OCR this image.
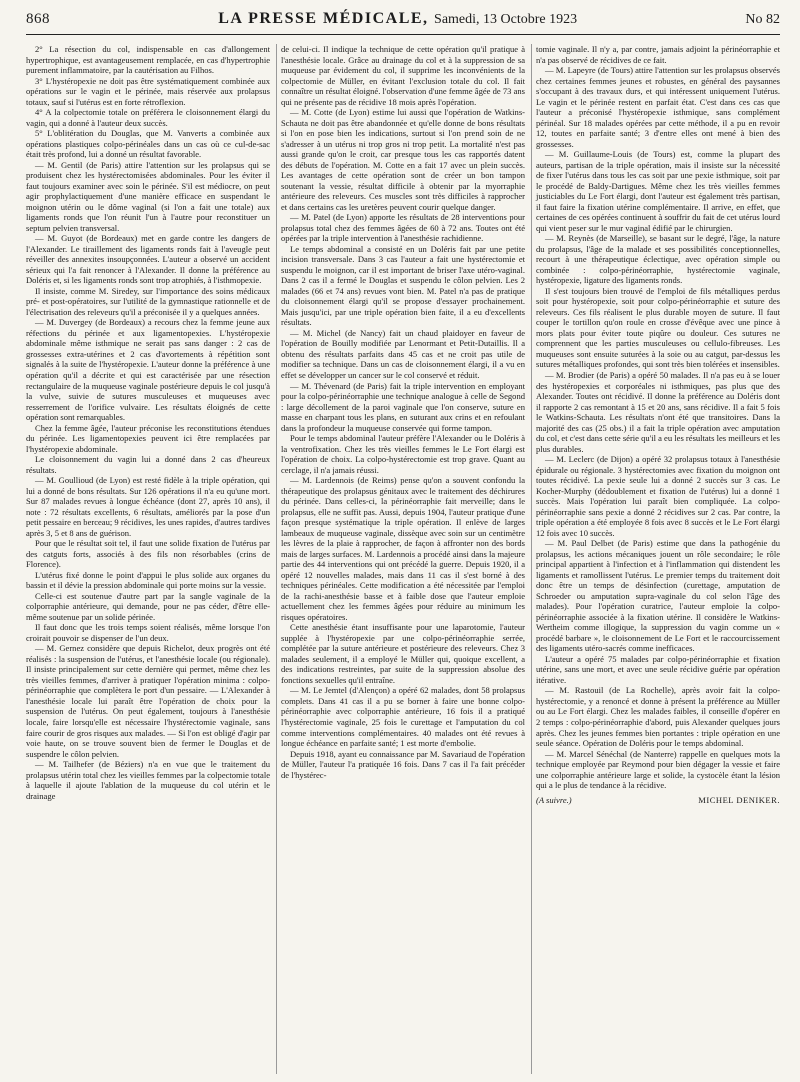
868	LA PRESSE MÉDICALE, Samedi, 13 Octobre 1923	No 82

2° La résection du col, indispensable en cas d'allongement hypertrophique, est avantageusement remplacée, en cas d'hypertrophie purement inflammatoire, par la cautérisation au Filhos.

3° L'hystéropexie ne doit pas être systématiquement combinée aux opérations sur le vagin et le périnée, mais réservée aux prolapsus totaux, sauf si l'utérus est en forte rétroflexion.

4° A la colpectomie totale on préférera le cloisonnement élargi du vagin, qui a donné à l'auteur deux succès.

5° L'oblitération du Douglas, que M. Vanverts a combinée aux opérations plastiques colpo-périnéales dans un cas où ce cul-de-sac était très profond, lui a donné un résultat favorable.

— M. Gentil (de Paris) attire l'attention sur les prolapsus qui se produisent chez les hystérectomisées abdominales. Pour les éviter il faut toujours examiner avec soin le périnée. S'il est médiocre, on peut agir prophylactiquement d'une manière efficace en suspendant le moignon utérin ou le dôme vaginal (si l'on a fait une totale) aux ligaments ronds que l'on réunit l'un à l'autre pour reconstituer un septum pelvien transversal.

— M. Guyot (de Bordeaux) met en garde contre les dangers de l'Alexander. Le tiraillement des ligaments ronds fait à l'aveugle peut réveiller des annexites insoupçonnées. L'auteur a observé un accident sérieux qui l'a fait renoncer à l'Alexander. Il donne la préférence au Doléris et, si les ligaments ronds sont trop atrophiés, à l'isthmopexie.

Il insiste, comme M. Siredey, sur l'importance des soins médicaux pré- et post-opératoires, sur l'utilité de la gymnastique rationnelle et de l'électrisation des releveurs qu'il a préconisée il y a quelques années.

— M. Duvergey (de Bordeaux) a recours chez la femme jeune aux réfections du périnée et aux ligamentopexies. L'hystéropexie abdominale même isthmique ne serait pas sans danger : 2 cas de grossesses extra-utérines et 2 cas d'avortements à répétition sont signalés à la suite de l'hystéropexie. L'auteur donne la préférence à une opération qu'il a décrite et qui est caractérisée par une résection rectangulaire de la muqueuse vaginale postérieure depuis le col jusqu'à la vulve, suivie de sutures musculeuses et muqueuses avec resserrement de l'orifice vulvaire. Les résultats éloignés de cette opération sont remarquables.

Chez la femme âgée, l'auteur préconise les reconstitutions étendues du périnée. Les ligamentopexies peuvent ici être remplacées par l'hystéropexie abdominale.

Le cloisonnement du vagin lui a donné dans 2 cas d'heureux résultats.

— M. Goullioud (de Lyon) est resté fidèle à la triple opération, qui lui a donné de bons résultats. Sur 126 opérations il n'a eu qu'une mort. Sur 87 malades revues à longue échéance (dont 27, après 10 ans), il note : 72 résultats excellents, 6 résultats, améliorés par la pose d'un petit pessaire en berceau; 9 récidives, les unes rapides, d'autres tardives après 3, 5 et 8 ans de guérison.

Pour que le résultat soit tel, il faut une solide fixation de l'utérus par des catguts forts, associés à des fils non résorbables (crins de Florence).

L'utérus fixé donne le point d'appui le plus solide aux organes du bassin et il dévie la pression abdominale qui porte moins sur la vessie.

Celle-ci est soutenue d'autre part par la sangle vaginale de la colporraphie antérieure, qui demande, pour ne pas céder, d'être elle-même soutenue par un solide périnée.

Il faut donc que les trois temps soient réalisés, même lorsque l'on croirait pouvoir se dispenser de l'un deux.

— M. Gernez considère que depuis Richelot, deux progrès ont été réalisés : la suspension de l'utérus, et l'anesthésie locale (ou régionale). Il insiste principalement sur cette dernière qui permet, même chez les très vieilles femmes, d'arriver à pratiquer l'opération minima : colpo-périnéorraphie que complètera le port d'un pessaire. — L'Alexander à l'anesthésie locale lui paraît être l'opération de choix pour la suspension de l'utérus. On peut également, toujours à l'anesthésie locale, faire lorsqu'elle est nécessaire l'hystérectomie vaginale, sans faire courir de gros risques aux malades. — Si l'on est obligé d'agir par voie haute, on se trouve souvent bien de fermer le Douglas et de suspendre le côlon pelvien.

— M. Tailhefer (de Béziers) n'a en vue que le traitement du prolapsus utérin total chez les vieilles femmes par la colpectomie totale à laquelle il ajoute l'ablation de la muqueuse du col utérin et le drainage

de celui-ci. Il indique la technique de cette opération qu'il pratique à l'anesthésie locale. Grâce au drainage du col et à la suppression de sa muqueuse par évidement du col, il supprime les inconvénients de la colpectomie de Müller, en évitant l'exclusion totale du col. Il fait connaître un résultat éloigné. l'observation d'une femme âgée de 73 ans qui ne présente pas de récidive 18 mois après l'opération.

— M. Cotte (de Lyon) estime lui aussi que l'opération de Watkins-Schauta ne doit pas être abandonnée et qu'elle donne de bons résultats si l'on en pose bien les indications, surtout si l'on prend soin de ne s'adresser à un utérus ni trop gros ni trop petit. La mortalité n'est pas aussi grande qu'on le croit, car presque tous les cas rapportés datent des débuts de l'opération. M. Cotte en a fait 17 avec un plein succès. Les avantages de cette opération sont de créer un bon tampon soutenant la vessie, résultat difficile à obtenir par la myorraphie antérieure des releveurs. Ces muscles sont très difficiles à rapprocher et dans certains cas les uretères peuvent courir quelque danger.

— M. Patel (de Lyon) apporte les résultats de 28 interventions pour prolapsus total chez des femmes âgées de 60 à 72 ans. Toutes ont été opérées par la triple intervention à l'anesthésie rachidienne.

Le temps abdominal a consisté en un Doléris fait par une petite incision transversale. Dans 3 cas l'auteur a fait une hystérectomie et suspendu le moignon, car il est important de briser l'axe utéro-vaginal. Dans 2 cas il a fermé le Douglas et suspendu le côlon pelvien. Les 2 malades (66 et 74 ans) revues vont bien. M. Patel n'a pas de pratique du cloisonnement élargi qu'il se propose d'essayer prochainement. Mais jusqu'ici, par une triple opération bien faite, il a eu d'excellents résultats.

— M. Michel (de Nancy) fait un chaud plaidoyer en faveur de l'opération de Bouilly modifiée par Lenormant et Petit-Dutaillis. Il a obtenu des résultats parfaits dans 45 cas et ne croit pas utile de modifier sa technique. Dans un cas de cloisonnement élargi, il a vu en effet se développer un cancer sur le col conservé et réduit.

— M. Thévenard (de Paris) fait la triple intervention en employant pour la colpo-périnéorraphie une technique analogue à celle de Segond : large décollement de la paroi vaginale que l'on conserve, suture en masse en charpant tous les plans, en suturant aux crins et en refoulant dans la profondeur la muqueuse conservée qui forme tampon.

Pour le temps abdominal l'auteur préfère l'Alexander ou le Doléris à la ventrofixation. Chez les très vieilles femmes le Le Fort élargi est l'opération de choix. La colpo-hystérectomie est trop grave. Quant au cerclage, il n'a jamais réussi.

— M. Lardennois (de Reims) pense qu'on a souvent confondu la thérapeutique des prolapsus génitaux avec le traitement des déchirures du périnée. Dans celles-ci, la périnéorraphie fait merveille; dans le prolapsus, elle ne suffit pas. Aussi, depuis 1904, l'auteur pratique d'une façon presque systématique la triple opération. Il enlève de larges lambeaux de muqueuse vaginale, dissèque avec soin sur un centimètre les lèvres de la plaie à rapprocher, de façon à affronter non des bords mais de larges surfaces. M. Lardennois a procédé ainsi dans la majeure partie des 44 interventions qui ont précédé la guerre. Depuis 1920, il a opéré 12 nouvelles malades, mais dans 11 cas il s'est borné à des techniques périnéales. Cette modification a été nécessitée par l'emploi de la rachi-anesthésie basse et à faible dose que l'auteur emploie actuellement chez les femmes âgées pour réduire au minimum les risques opératoires.

Cette anesthésie étant insuffisante pour une laparotomie, l'auteur supplée à l'hystéropexie par une colpo-périnéorraphie serrée, complétée par la suture antérieure et postérieure des releveurs. Chez 3 malades seulement, il a employé le Müller qui, quoique excellent, a des indications restreintes, par suite de la suppression absolue des fonctions sexuelles qu'il entraîne.

— M. Le Jemtel (d'Alençon) a opéré 62 malades, dont 58 prolapsus complets. Dans 41 cas il a pu se borner à faire une bonne colpo-périnéorraphie avec colporraphie antérieure, 16 fois il a pratiqué l'hystérectomie vaginale, 25 fois le curettage et l'amputation du col comme interventions complémentaires. 40 malades ont été revues à longue échéance en parfaite santé; 1 est morte d'embolie.

Depuis 1918, ayant eu connaissance par M. Savariaud de l'opération de Müller, l'auteur l'a pratiquée 16 fois. Dans 7 cas il l'a fait précéder de l'hystérec-

tomie vaginale. Il n'y a, par contre, jamais adjoint la périnéorraphie et n'a pas observé de récidives de ce fait.

— M. Lapeyre (de Tours) attire l'attention sur les prolapsus observés chez certaines femmes jeunes et robustes, en général des paysannes s'occupant à des travaux durs, et qui intéressent uniquement l'utérus. Le vagin et le périnée restent en parfait état. C'est dans ces cas que l'auteur a préconisé l'hystéropexie isthmique, sans complément périnéal. Sur 18 malades opérées par cette méthode, il a pu en revoir 12, toutes en parfaite santé; 3 d'entre elles ont mené à bien des grossesses.

— M. Guillaume-Louis (de Tours) est, comme la plupart des auteurs, partisan de la triple opération, mais il insiste sur la nécessité de fixer l'utérus dans tous les cas soit par une pexie isthmique, soit par le procédé de Baldy-Dartigues. Même chez les très vieilles femmes justiciables du Le Fort élargi, dont l'auteur est également très partisan, il faut faire la fixation utérine complémentaire. Il arrive, en effet, que certaines de ces opérées continuent à souffrir du fait de cet utérus lourd qui vient peser sur le mur vaginal édifié par le chirurgien.

— M. Reynès (de Marseille), se basant sur le degré, l'âge, la nature du prolapsus, l'âge de la malade et ses possibilités conceptionnelles, recourt à une thérapeutique éclectique, avec opération simple ou combinée : colpo-périnéorraphie, hystérectomie vaginale, hystéropexie, ligature des ligaments ronds.

Il s'est toujours bien trouvé de l'emploi de fils métalliques perdus soit pour hystéropexie, soit pour colpo-périnéorraphie et suture des releveurs. Ces fils réalisent le plus durable moyen de suture. Il faut couper le tortillon qu'on roule en crosse d'évêque avec une pince à mors plats pour éviter toute piqûre ou douleur. Ces sutures ne comprennent que les parties musculeuses ou cellulo-fibreuses. Les muqueuses sont ensuite suturées à la soie ou au catgut, par-dessus les sutures métalliques profondes, qui sont très bien tolérées et insensibles.

— M. Brodier (de Paris) a opéré 50 malades. Il n'a pas eu à se louer des hystéropexies et corporéales ni isthmiques, pas plus que des Alexander. Toutes ont récidivé. Il donne la préférence au Doléris dont il rapporte 2 cas remontant à 15 et 20 ans, sans récidive. Il a fait 5 fois le Watkins-Schauta. Les résultats n'ont été que transitoires. Dans la majorité des cas (25 obs.) il a fait la triple opération avec amputation du col, et c'est dans cette série qu'il a eu les résultats les meilleurs et les plus durables.

— M. Leclerc (de Dijon) a opéré 32 prolapsus totaux à l'anesthésie épidurale ou régionale. 3 hystérectomies avec fixation du moignon ont toutes récidivé. La pexie seule lui a donné 2 succès sur 3 cas. Le Kocher-Murphy (dédoublement et fixation de l'utérus) lui a donné 1 succès. Mais l'opération lui paraît bien compliquée. La colpo-périnéorraphie sans pexie a donné 2 récidives sur 2 cas. Par contre, la triple opération a été employée 8 fois avec 8 succès et le Le Fort élargi 12 fois avec 10 succès.

— M. Paul Delbet (de Paris) estime que dans la pathogénie du prolapsus, les actions mécaniques jouent un rôle secondaire; le rôle principal appartient à l'infection et à l'inflammation qui distendent les ligaments et ramollissent l'utérus. Le premier temps du traitement doit donc être un temps de désinfection (curettage, amputation de Schroeder ou amputation supra-vaginale du col selon l'âge des malades). Pour l'opération curatrice, l'auteur emploie la colpo-périnéorraphie associée à la fixation utérine. Il considère le Watkins-Wertheim comme illogique, la suppression du vagin comme un « procédé barbare », le cloisonnement de Le Fort et le raccourcissement des ligaments utéro-sacrés comme inefficaces.

L'auteur a opéré 75 malades par colpo-périnéorraphie et fixation utérine, sans une mort, et avec une seule récidive guérie par opération itérative.

— M. Rastouil (de La Rochelle), après avoir fait la colpo-hystérectomie, y a renoncé et donne à présent la préférence au Müller ou au Le Fort élargi. Chez les malades faibles, il conseille d'opérer en 2 temps : colpo-périnéorraphie d'abord, puis Alexander quelques jours après. Chez les jeunes femmes bien portantes : triple opération en une seule séance. Opération de Doléris pour le temps abdominal.

— M. Marcel Sénéchal (de Nanterre) rappelle en quelques mots la technique employée par Reymond pour bien dégager la vessie et faire une colporraphie antérieure large et solide, la cystocèle étant la lésion qui a le plus de tendance à la récidive.

(A suivre.)	MICHEL DENIKER.
